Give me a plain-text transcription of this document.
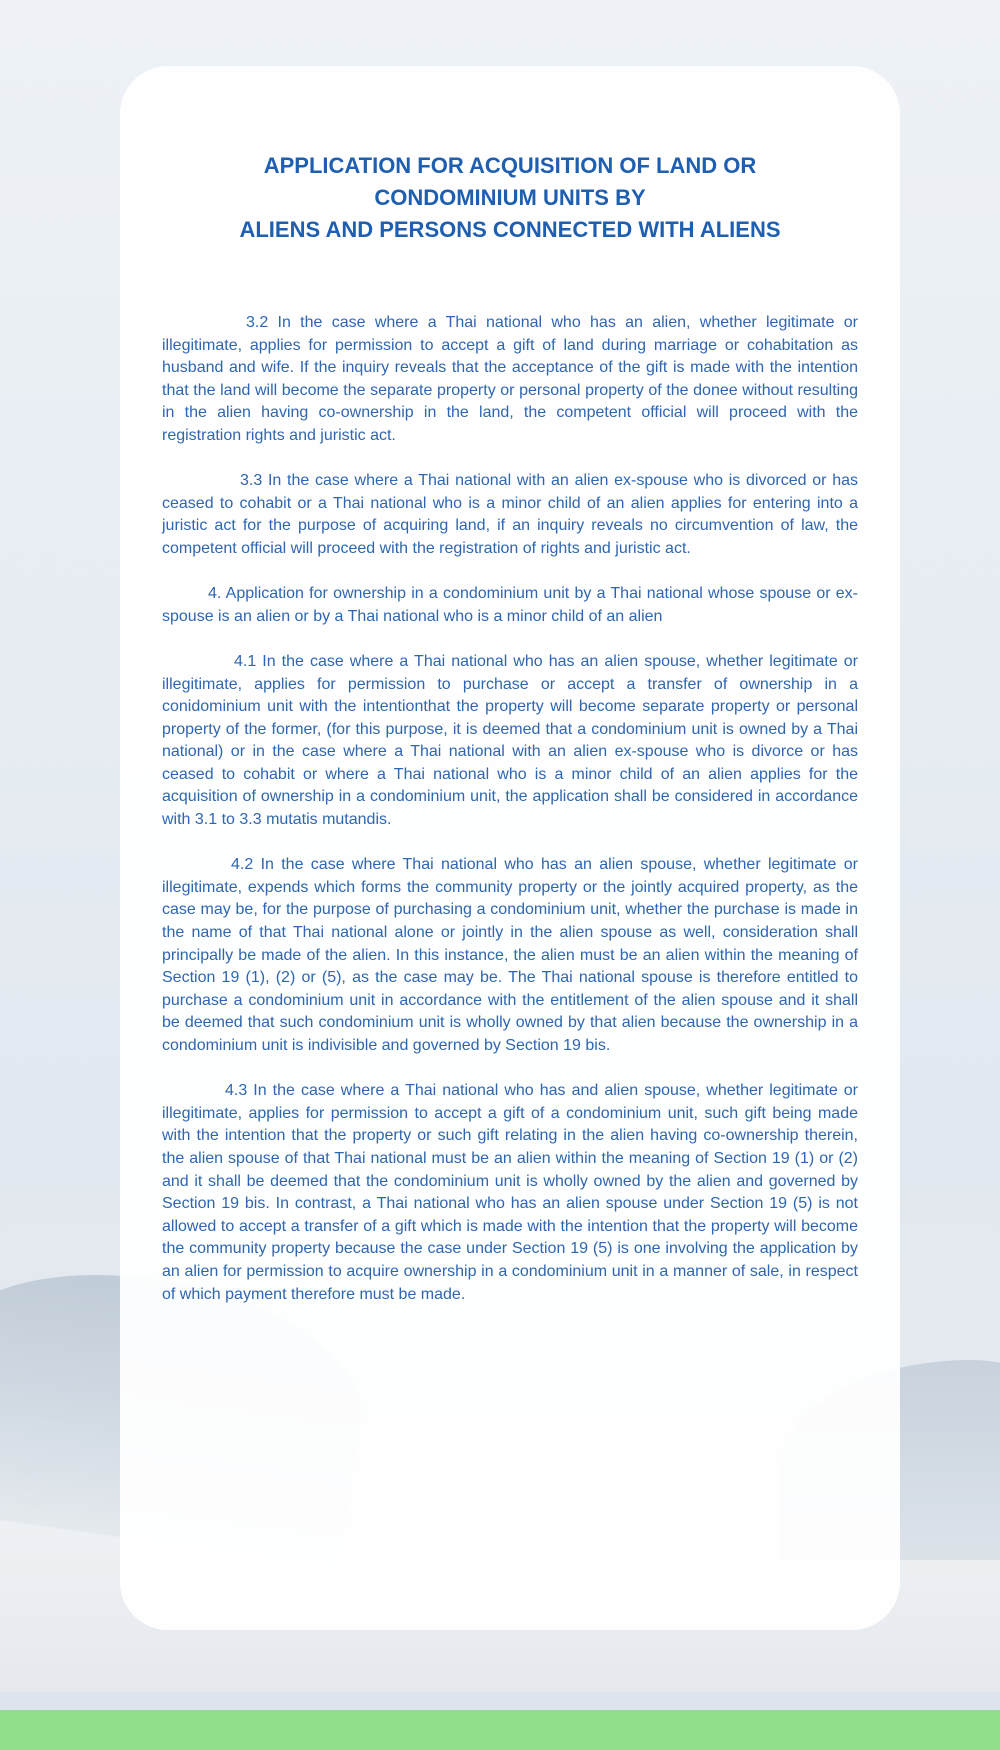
APPLICATION FOR ACQUISITION OF LAND OR
CONDOMINIUM UNITS BY
ALIENS AND PERSONS CONNECTED WITH ALIENS

3.2 In the case where a Thai national who has an alien, whether legitimate or illegitimate, applies for permission to accept a gift of land during marriage or cohabitation as husband and wife. If the inquiry reveals that the acceptance of the gift is made with the intention that the land will become the separate property or personal property of the donee without resulting in the alien having co-ownership in the land, the competent official will proceed with the registration rights and juristic act.

3.3 In the case where a Thai national with an alien ex-spouse who is divorced or has ceased to cohabit or a Thai national who is a minor child of an alien applies for entering into a juristic act for the purpose of acquiring land, if an inquiry reveals no circumvention of law, the competent official will proceed with the registration of rights and juristic act.

4. Application for ownership in a condominium unit by a Thai national whose spouse or ex-spouse is an alien or by a Thai national who is a minor child of an alien

4.1 In the case where a Thai national who has an alien spouse, whether legitimate or illegitimate, applies for permission to purchase or accept a transfer of ownership in a conidominium unit with the intentionthat the property will become separate property or personal property of the former, (for this purpose, it is deemed that a condominium unit is owned by a Thai national) or in the case where a Thai national with an alien ex-spouse who is divorce or has ceased to cohabit or where a Thai national who is a minor child of an alien applies for the acquisition of ownership in a condominium unit, the application shall be considered in accordance with 3.1 to 3.3 mutatis mutandis.

4.2 In the case where Thai national who has an alien spouse, whether legitimate or illegitimate, expends which forms the community property or the jointly acquired property, as the case may be, for the purpose of purchasing a condominium unit, whether the purchase is made in the name of that Thai national alone or jointly in the alien spouse as well, consideration shall principally be made of the alien. In this instance, the alien must be an alien within the meaning of Section 19 (1), (2) or (5), as the case may be. The Thai national spouse is therefore entitled to purchase a condominium unit in accordance with the entitlement of the alien spouse and it shall be deemed that such condominium unit is wholly owned by that alien because the ownership in a condominium unit is indivisible and governed by Section 19 bis.

4.3 In the case where a Thai national who has and alien spouse, whether legitimate or illegitimate, applies for permission to accept a gift of a condominium unit, such gift being made with the intention that the property or such gift relating in the alien having co-ownership therein, the alien spouse of that Thai national must be an alien within the meaning of Section 19 (1) or (2) and it shall be deemed that the condominium unit is wholly owned by the alien and governed by Section 19 bis. In contrast, a Thai national who has an alien spouse under Section 19 (5) is not allowed to accept a transfer of a gift which is made with the intention that the property will become the community property because the case under Section 19 (5) is one involving the application by an alien for permission to acquire ownership in a condominium unit in a manner of sale, in respect of which payment therefore must be made.
